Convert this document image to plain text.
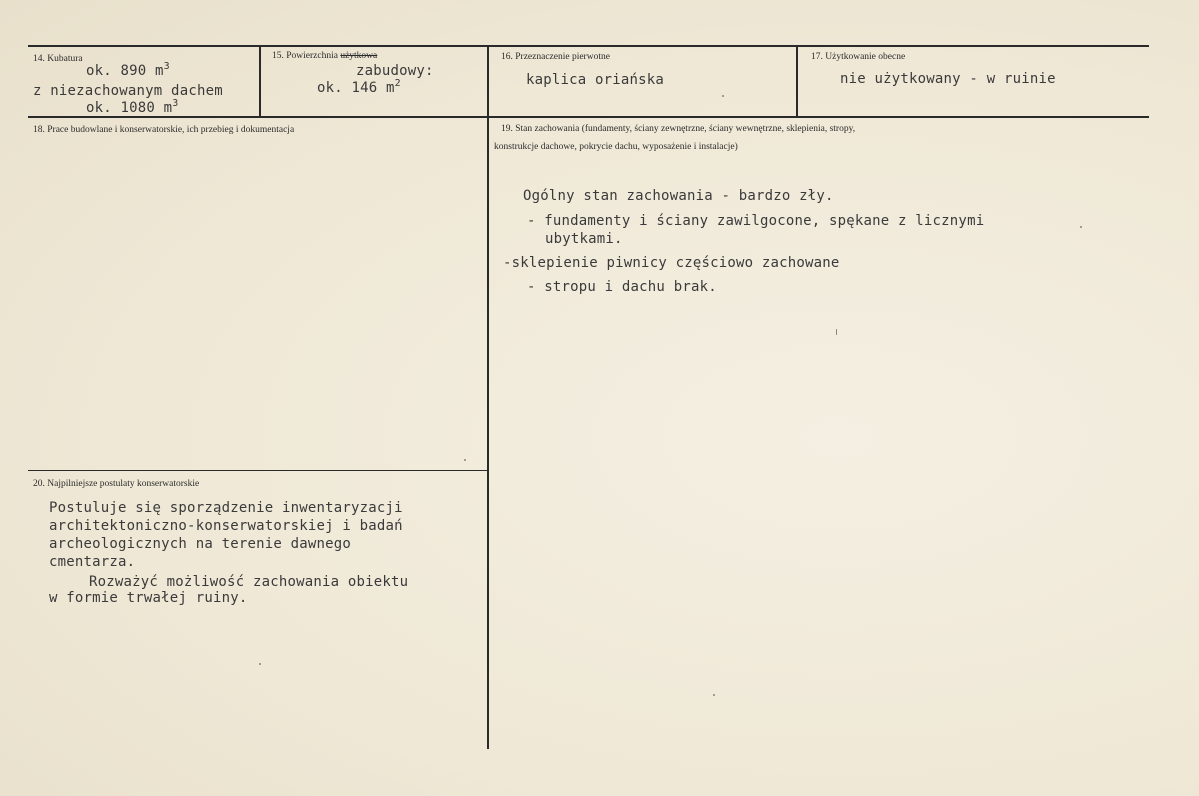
14. Kubatura
ok. 890 $m^3$
z niezachowanym dachem
ok. 1080 $m^3$
15. Powierzchnia użytkowa
zabudowy:
ok. 146 $m^2$
16. Przeznaczenie pierwotne
kaplica oriańska
17. Użytkowanie obecne
nie użytkowany - w ruinie
18. Prace budowlane i konserwatorskie, ich przebieg i dokumentacja	19. Stan zachowania (fundamenty, ściany zewnętrzne, ściany wewnętrzne, sklepienia, stropy,
konstrukcje dachowe, pokrycie dachu, wyposażenie i instalacje)
Ogólny stan zachowania - bardzo zły.
- fundamenty i ściany zawilgocone, spękane z licznymi
ubytkami.
-sklepienie piwnicy częściowo zachowane
- stropu i dachu brak.
20. Najpilniejsze postulaty konserwatorskie
Postuluje się sporządzenie inwentaryzacji
architektoniczno-konserwatorskiej i badań
archeologicznych na terenie dawnego
cmentarza.
Rozważyć możliwość zachowania obiektu
w formie trwałej ruiny.
